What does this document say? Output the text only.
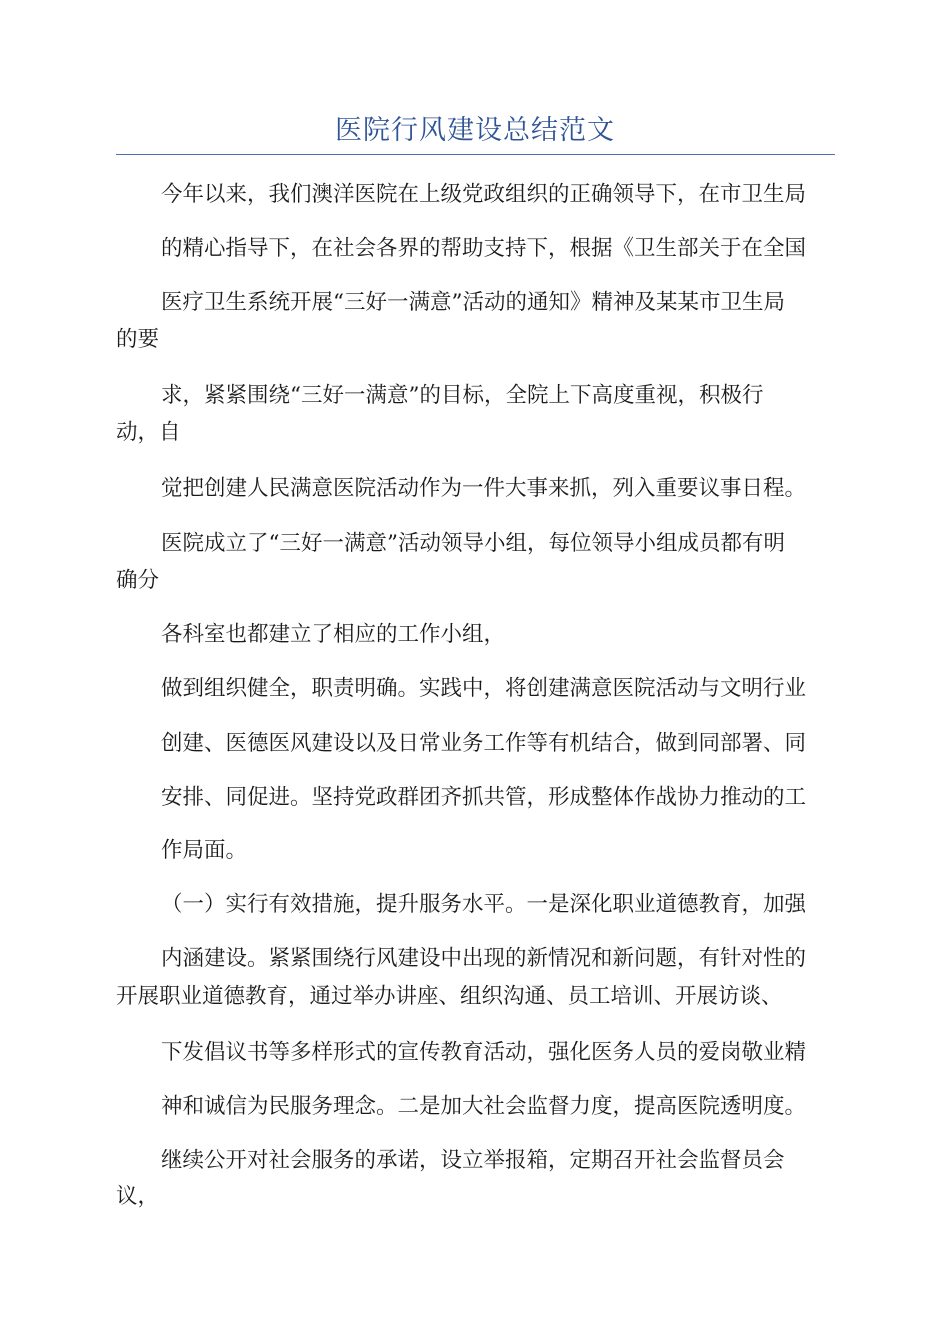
医院行风建设总结范文
今年以来，我们澳洋医院在上级党政组织的正确领导下，在市卫生局
的精心指导下，在社会各界的帮助支持下，根据《卫生部关于在全国
医疗卫生系统开展“三好一满意”活动的通知》精神及某某市卫生局
的要
求，紧紧围绕“三好一满意”的目标，全院上下高度重视，积极行
动，自
觉把创建人民满意医院活动作为一件大事来抓，列入重要议事日程。
医院成立了“三好一满意”活动领导小组，每位领导小组成员都有明
确分
各科室也都建立了相应的工作小组，
做到组织健全，职责明确。实践中，将创建满意医院活动与文明行业
创建、医德医风建设以及日常业务工作等有机结合，做到同部署、同
安排、同促进。坚持党政群团齐抓共管，形成整体作战协力推动的工
作局面。
（一）实行有效措施，提升服务水平。一是深化职业道德教育，加强
内涵建设。紧紧围绕行风建设中出现的新情况和新问题，有针对性的
开展职业道德教育，通过举办讲座、组织沟通、员工培训、开展访谈、
下发倡议书等多样形式的宣传教育活动，强化医务人员的爱岗敬业精
神和诚信为民服务理念。二是加大社会监督力度，提高医院透明度。
继续公开对社会服务的承诺，设立举报箱，定期召开社会监督员会
议，
